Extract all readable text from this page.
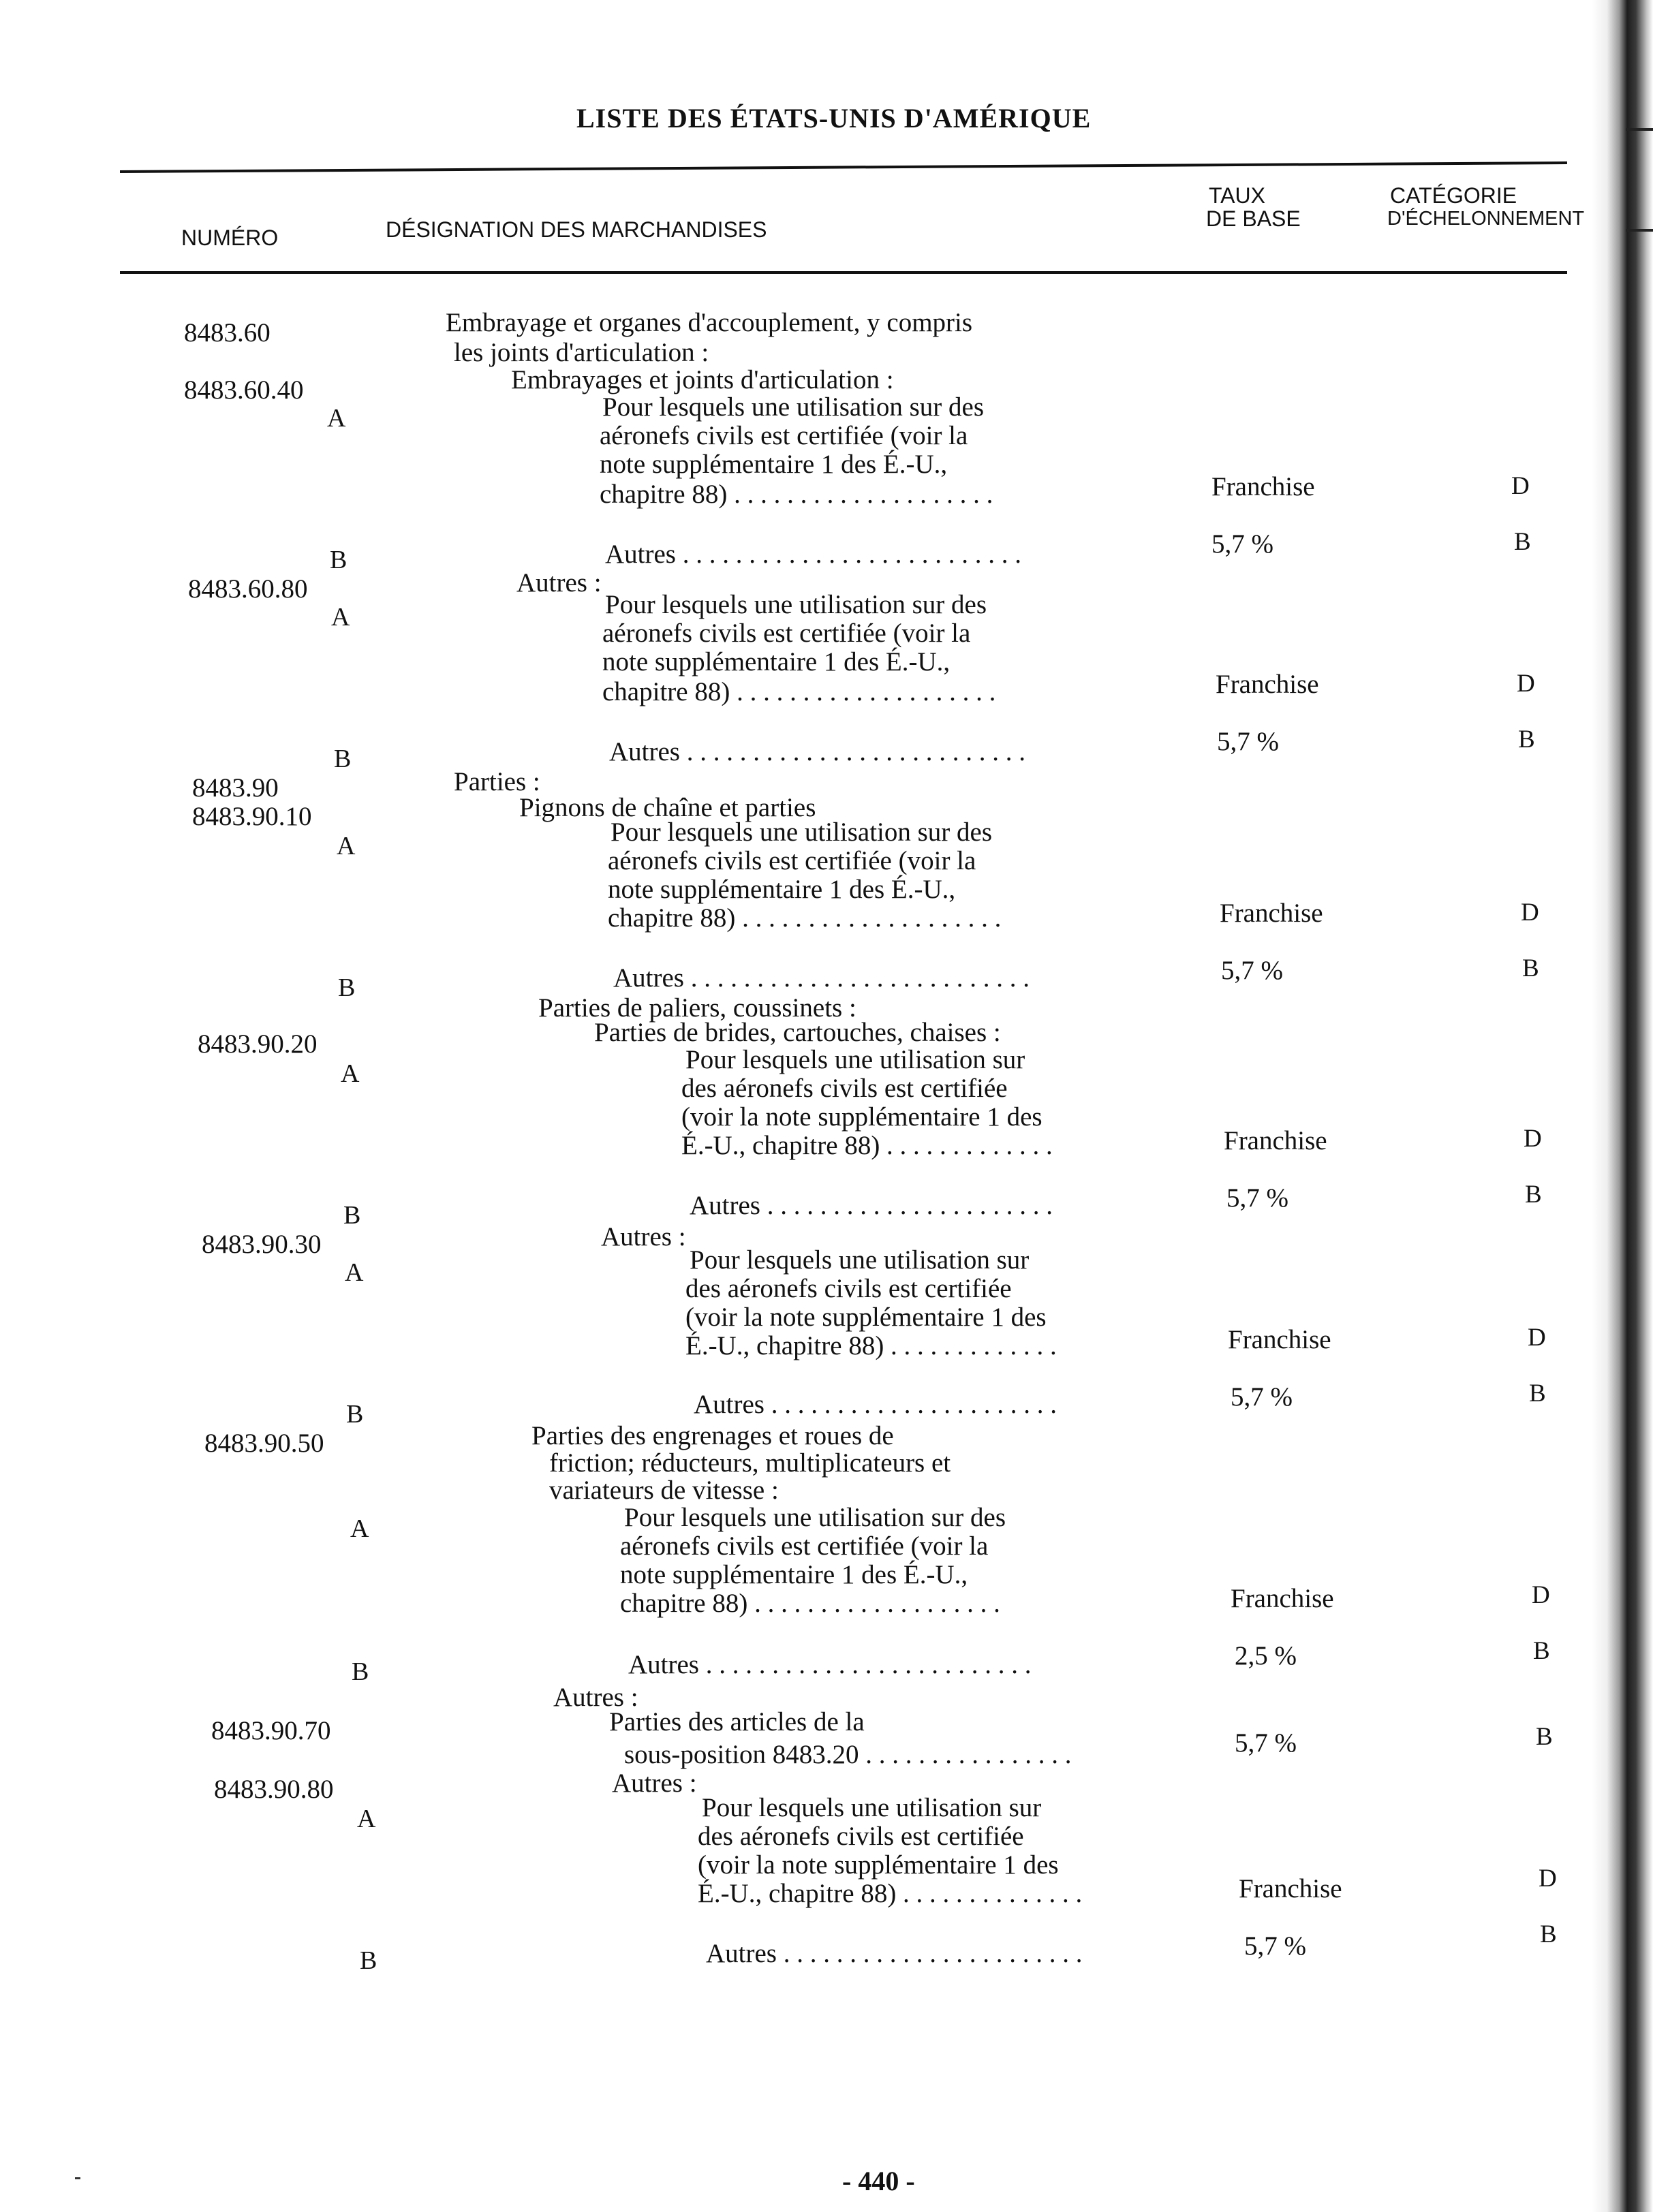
LISTE DES ÉTATS-UNIS D'AMÉRIQUE
NUMÉRO	DÉSIGNATION DES MARCHANDISES
TAUX
DE BASE
CATÉGORIE
D'ÉCHELONNEMENT
8483.60
8483.60.40
8483.60.80
8483.90
8483.90.10
8483.90.20
8483.90.30
8483.90.50
8483.90.70
8483.90.80
A
B
A
B
A
B
A
B
A
B
A
B
A
B
Embrayage et organes d'accouplement, y compris
les joints d'articulation :
Embrayages et joints d'articulation :
Pour lesquels une utilisation sur des
aéronefs civils est certifiée (voir la
note supplémentaire 1 des É.-U.,
chapitre 88) . . . . . . . . . . . . . . . . . . . .
Autres . . . . . . . . . . . . . . . . . . . . . . . . . .
Autres :
Pour lesquels une utilisation sur des
aéronefs civils est certifiée (voir la
note supplémentaire 1 des É.-U.,
chapitre 88) . . . . . . . . . . . . . . . . . . . .
Autres . . . . . . . . . . . . . . . . . . . . . . . . . .
Parties :
Pignons de chaîne et parties
Pour lesquels une utilisation sur des
aéronefs civils est certifiée (voir la
note supplémentaire 1 des É.-U.,
chapitre 88) . . . . . . . . . . . . . . . . . . . .
Autres . . . . . . . . . . . . . . . . . . . . . . . . . .
Parties de paliers, coussinets :
Parties de brides, cartouches, chaises :
Pour lesquels une utilisation sur
des aéronefs civils est certifiée
(voir la note supplémentaire 1 des
É.-U., chapitre 88) . . . . . . . . . . . . .
Autres . . . . . . . . . . . . . . . . . . . . . .
Autres :
Pour lesquels une utilisation sur
des aéronefs civils est certifiée
(voir la note supplémentaire 1 des
É.-U., chapitre 88) . . . . . . . . . . . . .
Autres . . . . . . . . . . . . . . . . . . . . . .
Parties des engrenages et roues de
friction; réducteurs, multiplicateurs et
variateurs de vitesse :
Pour lesquels une utilisation sur des
aéronefs civils est certifiée (voir la
note supplémentaire 1 des É.-U.,
chapitre 88) . . . . . . . . . . . . . . . . . . .
Autres . . . . . . . . . . . . . . . . . . . . . . . . .
Autres :
Parties des articles de la
sous-position 8483.20 . . . . . . . . . . . . . . . .
Autres :
Pour lesquels une utilisation sur
des aéronefs civils est certifiée
(voir la note supplémentaire 1 des
É.-U., chapitre 88) . . . . . . . . . . . . . .
Autres . . . . . . . . . . . . . . . . . . . . . . .
Franchise
5,7 %
Franchise
5,7 %
Franchise
5,7 %
Franchise
5,7 %
Franchise
5,7 %
Franchise
2,5 %
5,7 %
Franchise
5,7 %
D
B
D
B
D
B
D
B
D
B
D
B
B
D
B
- 440 -
